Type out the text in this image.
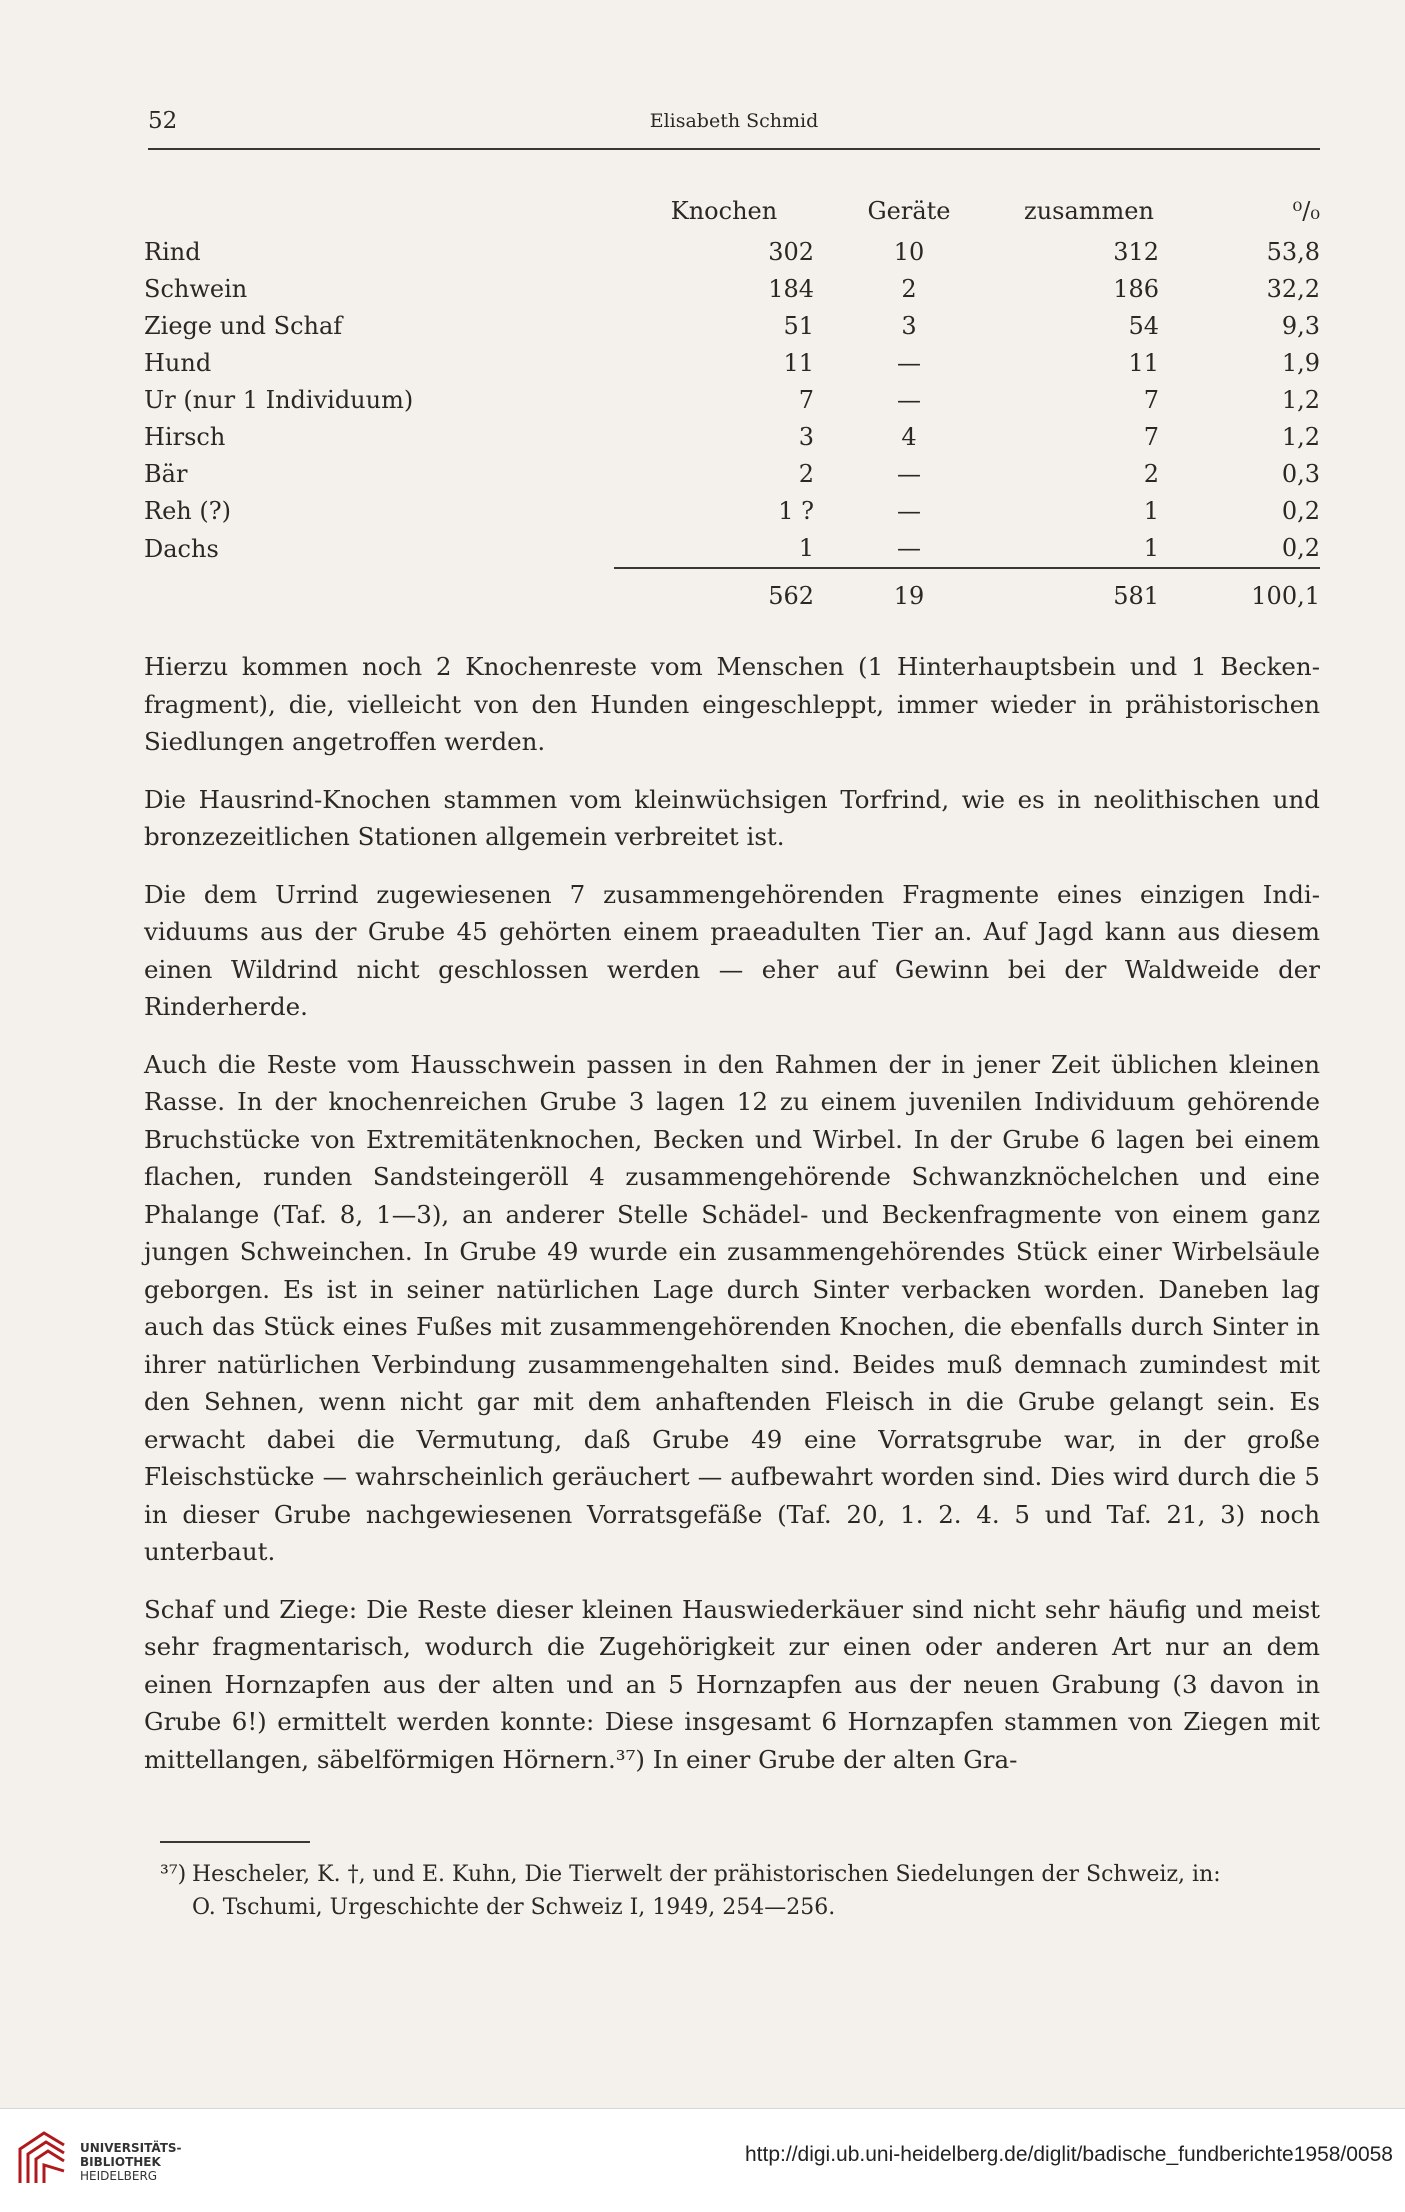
52	Elisabeth Schmid
	Knochen	Geräte	zusammen	⁰/₀
Rind	302	10	312	53,8
Schwein	184	2	186	32,2
Ziege und Schaf	51	3	54	9,3
Hund	11	—	11	1,9
Ur (nur 1 Individuum)	7	—	7	1,2
Hirsch	3	4	7	1,2
Bär	2	—	2	0,3
Reh (?)	1 ?	—	1	0,2
Dachs	1	—	1	0,2
	562	19	581	100,1

Hierzu kommen noch 2 Knochenreste vom Menschen (1 Hinterhauptsbein und 1 Beckenfragment), die, vielleicht von den Hunden eingeschleppt, immer wieder in prähistorischen Siedlungen angetroffen werden.

Die Hausrind-Knochen stammen vom kleinwüchsigen Torfrind, wie es in neolithischen und bronzezeitlichen Stationen allgemein verbreitet ist.

Die dem Urrind zugewiesenen 7 zusammengehörenden Fragmente eines einzigen Individuums aus der Grube 45 gehörten einem praeadulten Tier an. Auf Jagd kann aus diesem einen Wildrind nicht geschlossen werden — eher auf Gewinn bei der Waldweide der Rinderherde.

Auch die Reste vom Hausschwein passen in den Rahmen der in jener Zeit üblichen kleinen Rasse. In der knochenreichen Grube 3 lagen 12 zu einem juvenilen Individuum gehörende Bruchstücke von Extremitätenknochen, Becken und Wirbel. In der Grube 6 lagen bei einem flachen, runden Sandsteingeröll 4 zusammengehörende Schwanzknöchelchen und eine Phalange (Taf. 8, 1—3), an anderer Stelle Schädel- und Beckenfragmente von einem ganz jungen Schweinchen. In Grube 49 wurde ein zusammengehörendes Stück einer Wirbelsäule geborgen. Es ist in seiner natürlichen Lage durch Sinter verbacken worden. Daneben lag auch das Stück eines Fußes mit zusammengehörenden Knochen, die ebenfalls durch Sinter in ihrer natürlichen Verbindung zusammengehalten sind. Beides muß demnach zumindest mit den Sehnen, wenn nicht gar mit dem anhaftenden Fleisch in die Grube gelangt sein. Es erwacht dabei die Vermutung, daß Grube 49 eine Vorratsgrube war, in der große Fleischstücke — wahrscheinlich geräuchert — aufbewahrt worden sind. Dies wird durch die 5 in dieser Grube nachgewiesenen Vorratsgefäße (Taf. 20, 1. 2. 4. 5 und Taf. 21, 3) noch unterbaut.

Schaf und Ziege: Die Reste dieser kleinen Hauswiederkäuer sind nicht sehr häufig und meist sehr fragmentarisch, wodurch die Zugehörigkeit zur einen oder anderen Art nur an dem einen Hornzapfen aus der alten und an 5 Hornzapfen aus der neuen Grabung (3 davon in Grube 6!) ermittelt werden konnte: Diese insgesamt 6 Hornzapfen stammen von Ziegen mit mittellangen, säbelförmigen Hörnern.³⁷) In einer Grube der alten Gra-

³⁷) Hescheler, K. †, und E. Kuhn, Die Tierwelt der prähistorischen Siedelungen der Schweiz, in:
O. Tschumi, Urgeschichte der Schweiz I, 1949, 254—256.
UNIVERSITÄTS-
BIBLIOTHEK
HEIDELBERG
http://digi.ub.uni-heidelberg.de/diglit/badische_fundberichte1958/0058
